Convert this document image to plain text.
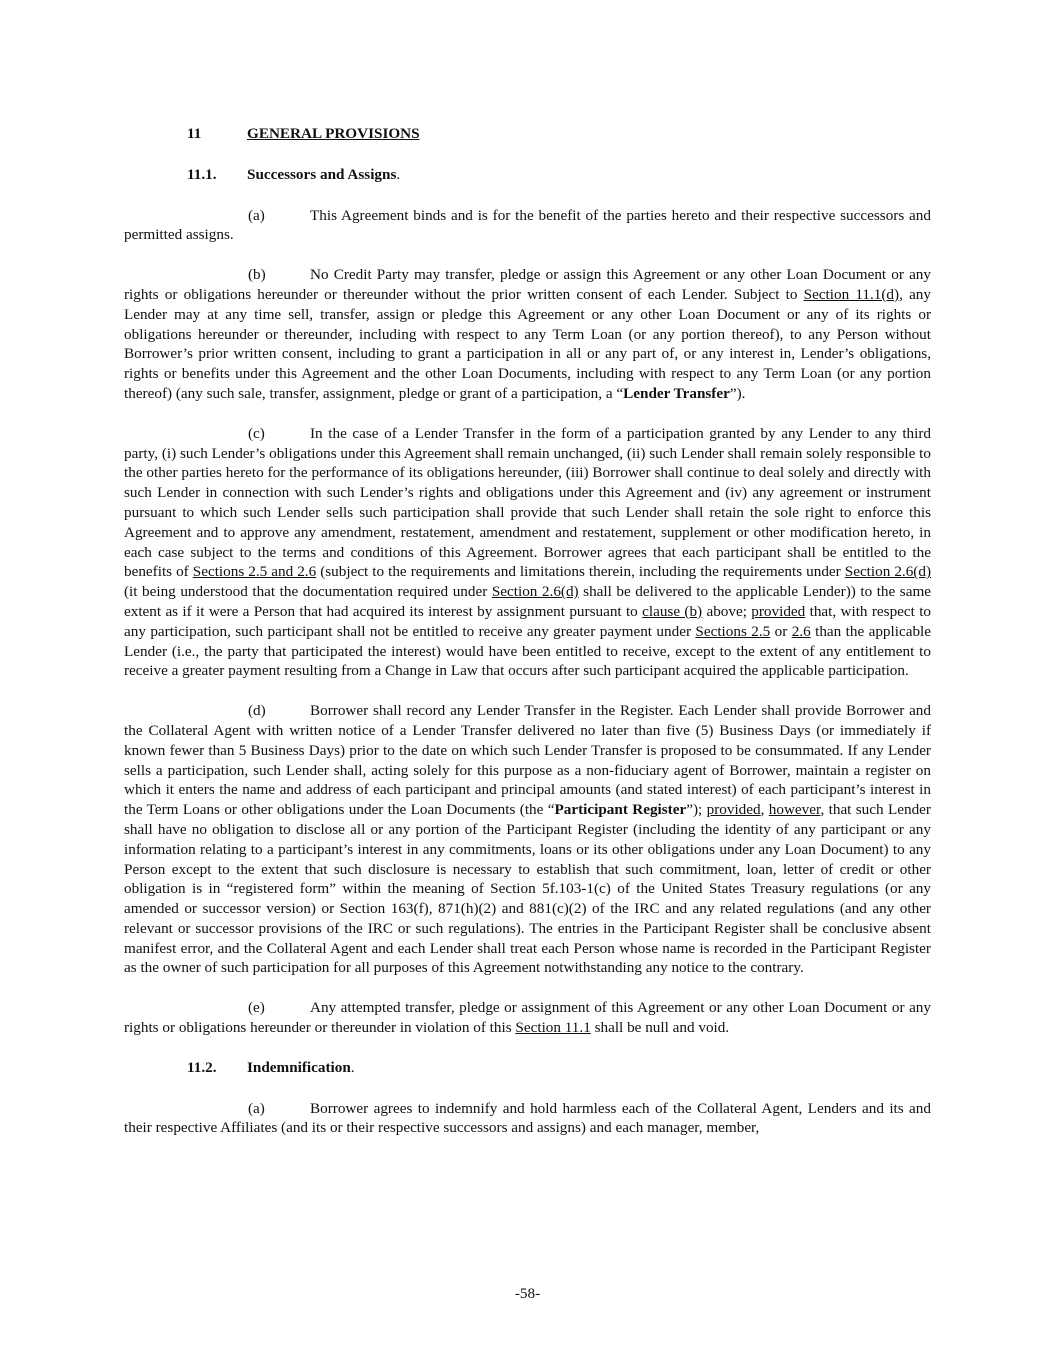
11	GENERAL PROVISIONS
11.1.	Successors and Assigns .

(a)	This Agreement binds and is for the benefit of the parties hereto and their respective successors and permitted assigns.

(b)	No Credit Party may transfer, pledge or assign this Agreement or any other Loan Document or any rights or obligations hereunder or thereunder without the prior written consent of each Lender. Subject to Section 11.1(d), any Lender may at any time sell, transfer, assign or pledge this Agreement or any other Loan Document or any of its rights or obligations hereunder or thereunder, including with respect to any Term Loan (or any portion thereof), to any Person without Borrower’s prior written consent, including to grant a participation in all or any part of, or any interest in, Lender’s obligations, rights or benefits under this Agreement and the other Loan Documents, including with respect to any Term Loan (or any portion thereof) (any such sale, transfer, assignment, pledge or grant of a participation, a “Lender Transfer”).

(c)	In the case of a Lender Transfer in the form of a participation granted by any Lender to any third party, (i) such Lender’s obligations under this Agreement shall remain unchanged, (ii) such Lender shall remain solely responsible to the other parties hereto for the performance of its obligations hereunder, (iii) Borrower shall continue to deal solely and directly with such Lender in connection with such Lender’s rights and obligations under this Agreement and (iv) any agreement or instrument pursuant to which such Lender sells such participation shall provide that such Lender shall retain the sole right to enforce this Agreement and to approve any amendment, restatement, amendment and restatement, supplement or other modification hereto, in each case subject to the terms and conditions of this Agreement. Borrower agrees that each participant shall be entitled to the benefits of Sections 2.5 and 2.6 (subject to the requirements and limitations therein, including the requirements under Section 2.6(d) (it being understood that the documentation required under Section 2.6(d) shall be delivered to the applicable Lender)) to the same extent as if it were a Person that had acquired its interest by assignment pursuant to clause (b) above; provided that, with respect to any participation, such participant shall not be entitled to receive any greater payment under Sections 2.5 or 2.6 than the applicable Lender (i.e., the party that participated the interest) would have been entitled to receive, except to the extent of any entitlement to receive a greater payment resulting from a Change in Law that occurs after such participant acquired the applicable participation.

(d)	Borrower shall record any Lender Transfer in the Register. Each Lender shall provide Borrower and the Collateral Agent with written notice of a Lender Transfer delivered no later than five (5) Business Days (or immediately if known fewer than 5 Business Days) prior to the date on which such Lender Transfer is proposed to be consummated. If any Lender sells a participation, such Lender shall, acting solely for this purpose as a non-fiduciary agent of Borrower, maintain a register on which it enters the name and address of each participant and principal amounts (and stated interest) of each participant’s interest in the Term Loans or other obligations under the Loan Documents (the “Participant Register”); provided, however, that such Lender shall have no obligation to disclose all or any portion of the Participant Register (including the identity of any participant or any information relating to a participant’s interest in any commitments, loans or its other obligations under any Loan Document) to any Person except to the extent that such disclosure is necessary to establish that such commitment, loan, letter of credit or other obligation is in “registered form” within the meaning of Section 5f.103-1(c) of the United States Treasury regulations (or any amended or successor version) or Section 163(f), 871(h)(2) and 881(c)(2) of the IRC and any related regulations (and any other relevant or successor provisions of the IRC or such regulations). The entries in the Participant Register shall be conclusive absent manifest error, and the Collateral Agent and each Lender shall treat each Person whose name is recorded in the Participant Register as the owner of such participation for all purposes of this Agreement notwithstanding any notice to the contrary.

(e)	Any attempted transfer, pledge or assignment of this Agreement or any other Loan Document or any rights or obligations hereunder or thereunder in violation of this Section 11.1 shall be null and void.

11.2.	Indemnification .

(a)	Borrower agrees to indemnify and hold harmless each of the Collateral Agent, Lenders and its and their respective Affiliates (and its or their respective successors and assigns) and each manager, member,

-58-
